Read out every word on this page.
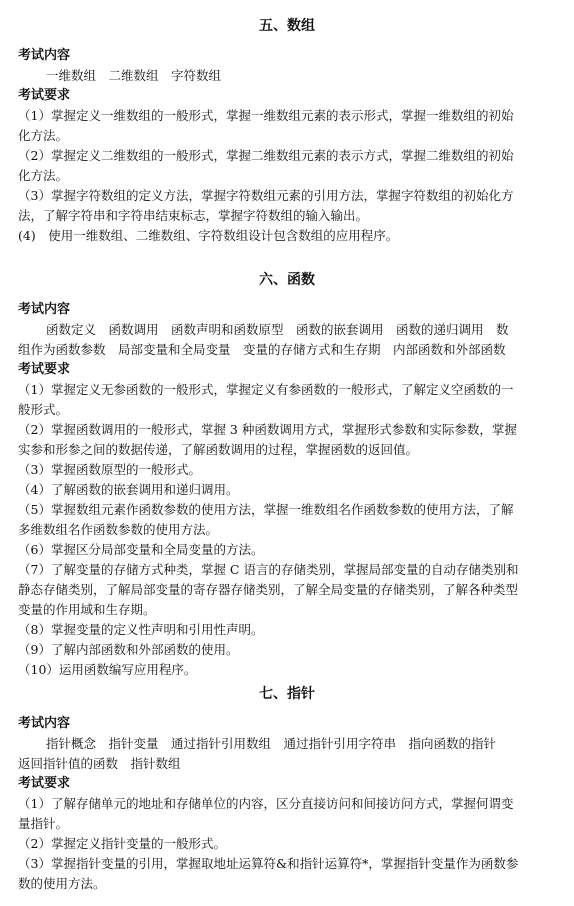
五、数组
考试内容
一维数组　二维数组　字符数组
考试要求
（1）掌握定义一维数组的一般形式，掌握一维数组元素的表示形式，掌握一维数组的初始
化方法。
（2）掌握定义二维数组的一般形式，掌握二维数组元素的表示方式，掌握二维数组的初始
化方法。
（3）掌握字符数组的定义方法，掌握字符数组元素的引用方法，掌握字符数组的初始化方
法，了解字符串和字符串结束标志，掌握字符数组的输入输出。
(4)　使用一维数组、二维数组、字符数组设计包含数组的应用程序。
六、函数
考试内容
函数定义　函数调用　函数声明和函数原型　函数的嵌套调用　函数的递归调用　数
组作为函数参数　局部变量和全局变量　变量的存储方式和生存期　内部函数和外部函数
考试要求
（1）掌握定义无参函数的一般形式，掌握定义有参函数的一般形式，了解定义空函数的一
般形式。
（2）掌握函数调用的一般形式，掌握 3 种函数调用方式，掌握形式参数和实际参数，掌握
实参和形参之间的数据传递，了解函数调用的过程，掌握函数的返回值。
（3）掌握函数原型的一般形式。
（4）了解函数的嵌套调用和递归调用。
（5）掌握数组元素作函数参数的使用方法，掌握一维数组名作函数参数的使用方法，了解
多维数组名作函数参数的使用方法。
（6）掌握区分局部变量和全局变量的方法。
（7）了解变量的存储方式种类，掌握 C 语言的存储类别，掌握局部变量的自动存储类别和
静态存储类别，了解局部变量的寄存器存储类别，了解全局变量的存储类别，了解各种类型
变量的作用域和生存期。
（8）掌握变量的定义性声明和引用性声明。
（9）了解内部函数和外部函数的使用。
（10）运用函数编写应用程序。
七、指针
考试内容
指针概念　指针变量　通过指针引用数组　通过指针引用字符串　指向函数的指针
返回指针值的函数　指针数组
考试要求
（1）了解存储单元的地址和存储单位的内容，区分直接访问和间接访问方式，掌握何谓变
量指针。
（2）掌握定义指针变量的一般形式。
（3）掌握指针变量的引用，掌握取地址运算符&和指针运算符*，掌握指针变量作为函数参
数的使用方法。
